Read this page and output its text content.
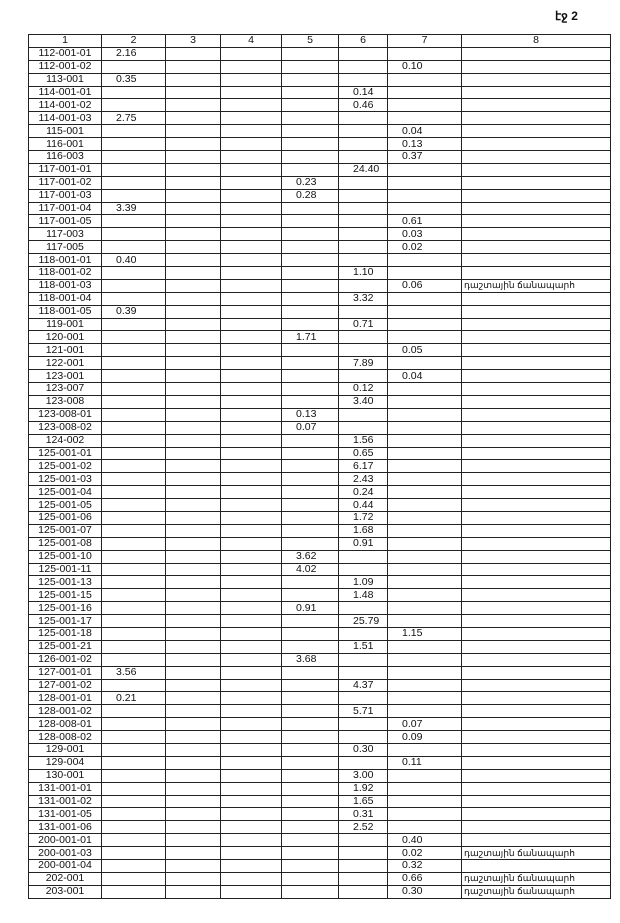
էջ 2
1	2	3	4	5	6	7	8
112-001-01	2.16						
112-001-02						0.10	
113-001	0.35						
114-001-01					0.14		
114-001-02					0.46		
114-001-03	2.75						
115-001						0.04	
116-001						0.13	
116-003						0.37	
117-001-01					24.40		
117-001-02				0.23			
117-001-03				0.28			
117-001-04	3.39						
117-001-05						0.61	
117-003						0.03	
117-005						0.02	
118-001-01	0.40						
118-001-02					1.10		
118-001-03						0.06	դաշտային ճանապարհ
118-001-04					3.32		
118-001-05	0.39						
119-001					0.71		
120-001				1.71			
121-001						0.05	
122-001					7.89		
123-001						0.04	
123-007					0.12		
123-008					3.40		
123-008-01				0.13			
123-008-02				0.07			
124-002					1.56		
125-001-01					0.65		
125-001-02					6.17		
125-001-03					2.43		
125-001-04					0.24		
125-001-05					0.44		
125-001-06					1.72		
125-001-07					1.68		
125-001-08					0.91		
125-001-10				3.62			
125-001-11				4.02			
125-001-13					1.09		
125-001-15					1.48		
125-001-16				0.91			
125-001-17					25.79		
125-001-18						1.15	
125-001-21					1.51		
126-001-02				3.68			
127-001-01	3.56						
127-001-02					4.37		
128-001-01	0.21						
128-001-02					5.71		
128-008-01						0.07	
128-008-02						0.09	
129-001					0.30		
129-004						0.11	
130-001					3.00		
131-001-01					1.92		
131-001-02					1.65		
131-001-05					0.31		
131-001-06					2.52		
200-001-01						0.40	
200-001-03						0.02	դաշտային ճանապարհ
200-001-04						0.32	
202-001						0.66	դաշտային ճանապարհ
203-001						0.30	դաշտային ճանապարհ
